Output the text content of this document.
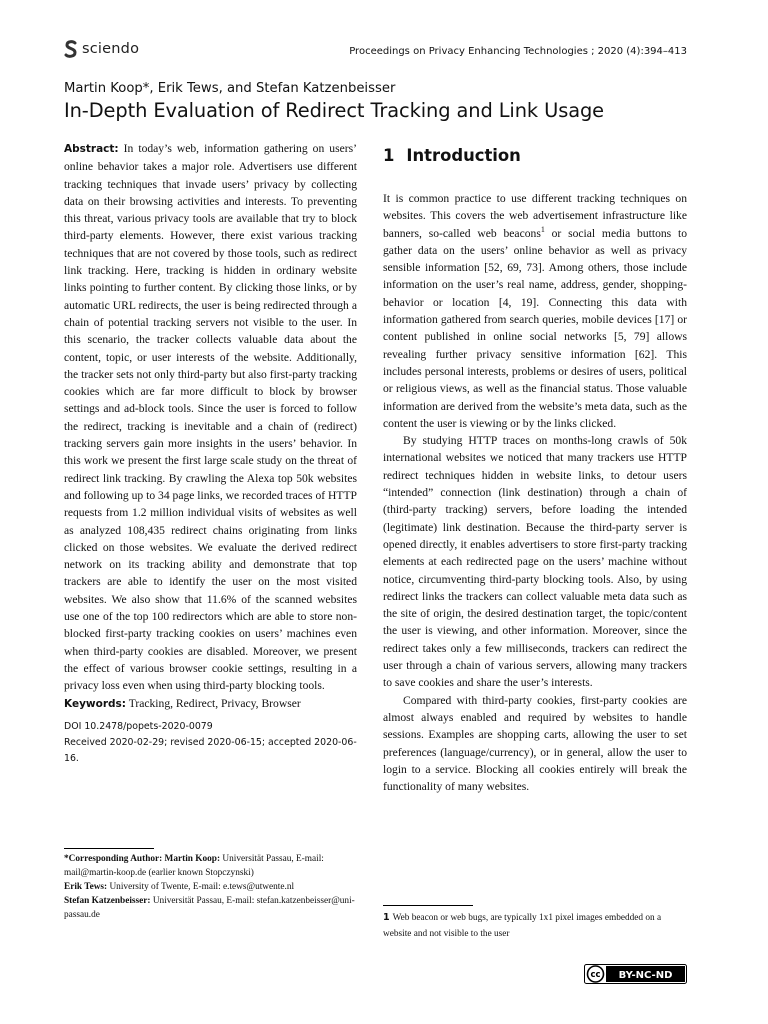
sciendo	Proceedings on Privacy Enhancing Technologies ; 2020 (4):394–413
Martin Koop*, Erik Tews, and Stefan Katzenbeisser
In-Depth Evaluation of Redirect Tracking and Link Usage

Abstract: In today’s web, information gathering on users’ online behavior takes a major role. Advertisers use different tracking techniques that invade users’ privacy by collecting data on their browsing activities and interests. To preventing this threat, various privacy tools are available that try to block third-party elements. However, there exist various tracking techniques that are not covered by those tools, such as redirect link tracking. Here, tracking is hidden in ordinary website links pointing to further content. By clicking those links, or by automatic URL redirects, the user is being redirected through a chain of potential tracking servers not visible to the user. In this scenario, the tracker collects valuable data about the content, topic, or user interests of the website. Additionally, the tracker sets not only third-party but also first-party tracking cookies which are far more difficult to block by browser settings and ad-block tools. Since the user is forced to follow the redirect, tracking is inevitable and a chain of (redirect) tracking servers gain more insights in the users’ behavior. In this work we present the first large scale study on the threat of redirect link tracking. By crawling the Alexa top 50k websites and following up to 34 page links, we recorded traces of HTTP requests from 1.2 million individual visits of websites as well as analyzed 108,435 redirect chains originating from links clicked on those websites. We evaluate the derived redirect network on its tracking ability and demonstrate that top trackers are able to identify the user on the most visited websites. We also show that 11.6% of the scanned websites use one of the top 100 redirectors which are able to store non-blocked first-party tracking cookies on users’ machines even when third-party cookies are disabled. Moreover, we present the effect of various browser cookie settings, resulting in a privacy loss even when using third-party blocking tools.

Keywords: Tracking, Redirect, Privacy, Browser

DOI 10.2478/popets-2020-0079
Received 2020-02-29; revised 2020-06-15; accepted 2020-06-16.
1 Introduction

It is common practice to use different tracking techniques on websites. This covers the web advertisement infrastructure like banners, so-called web beacons$^1$ or social media buttons to gather data on the users’ online behavior as well as privacy sensible information [52, 69, 73]. Among others, those include information on the user’s real name, address, gender, shopping-behavior or location [4, 19]. Connecting this data with information gathered from search queries, mobile devices [17] or content published in online social networks [5, 79] allows revealing further privacy sensitive information [62]. This includes personal interests, problems or desires of users, political or religious views, as well as the financial status. Those valuable information are derived from the website’s meta data, such as the content the user is viewing or by the links clicked.

By studying HTTP traces on months-long crawls of 50k international websites we noticed that many trackers use HTTP redirect techniques hidden in website links, to detour users “intended” connection (link destination) through a chain of (third-party tracking) servers, before loading the intended (legitimate) link destination. Because the third-party server is opened directly, it enables advertisers to store first-party tracking elements at each redirected page on the users’ machine without notice, circumventing third-party blocking tools. Also, by using redirect links the trackers can collect valuable meta data such as the site of origin, the desired destination target, the topic/content the user is viewing, and other information. Moreover, since the redirect takes only a few milliseconds, trackers can redirect the user through a chain of various servers, allowing many trackers to save cookies and share the user’s interests.

Compared with third-party cookies, first-party cookies are almost always enabled and required by websites to handle sessions. Examples are shopping carts, allowing the user to set preferences (language/currency), or in general, allow the user to login to a service. Blocking all cookies entirely will break the functionality of many websites.

*Corresponding Author: Martin Koop: Universität Passau, E-mail: mail@martin-koop.de (earlier known Stopczynski)
Erik Tews: University of Twente, E-mail: e.tews@utwente.nl
Stefan Katzenbeisser: Universität Passau, E-mail: stefan.katzenbeisser@uni-passau.de	1 Web beacon or web bugs, are typically 1x1 pixel images embedded on a website and not visible to the user
cc BY-NC-ND
